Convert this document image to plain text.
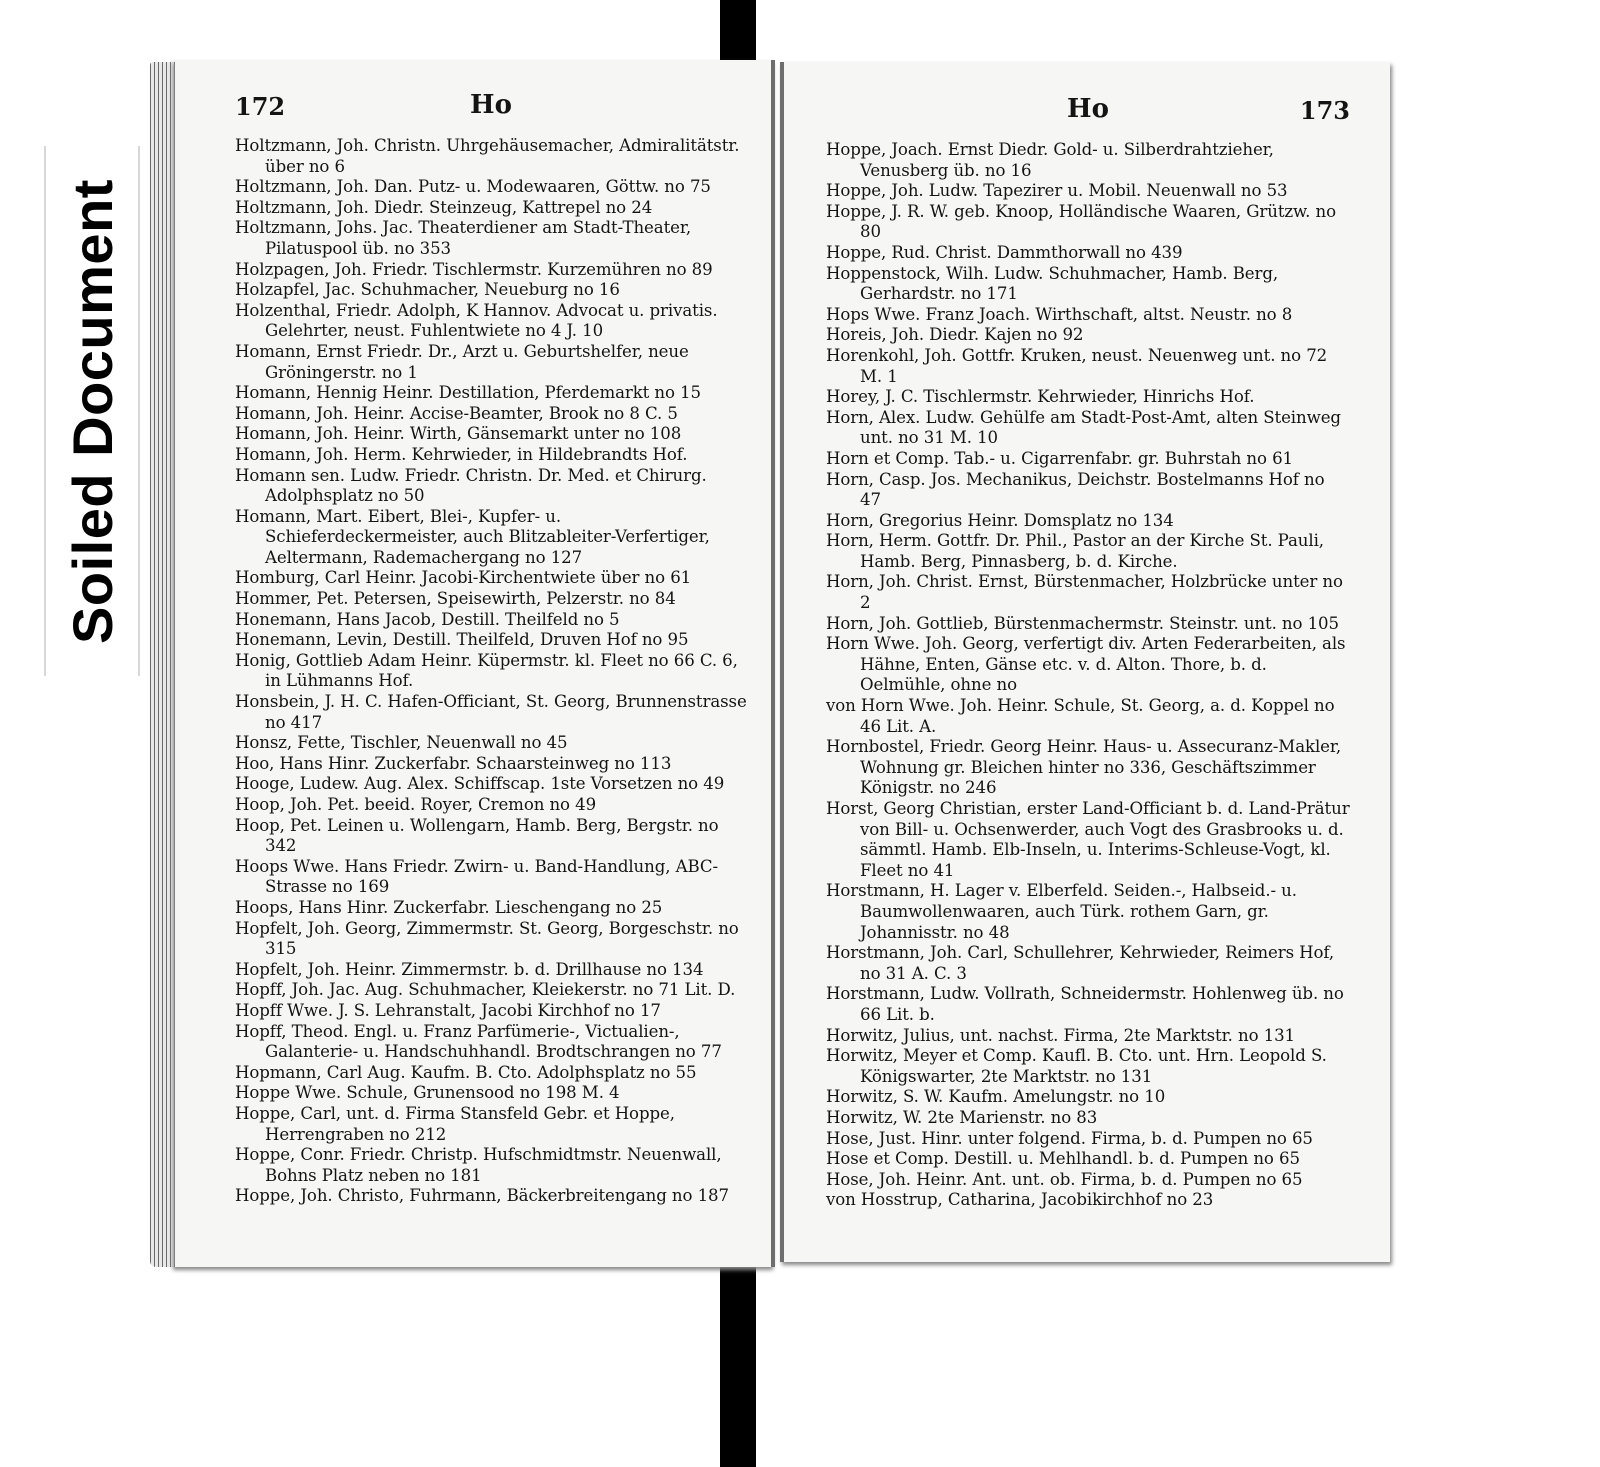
Soiled Document
172	Ho

Holtzmann, Joh. Christn. Uhrgehäusemacher, Admiralitätstr. über no 6

Holtzmann, Joh. Dan. Putz- u. Modewaaren, Göttw. no 75

Holtzmann, Joh. Diedr. Steinzeug, Kattrepel no 24

Holtzmann, Johs. Jac. Theaterdiener am Stadt-Theater, Pilatuspool üb. no 353

Holzpagen, Joh. Friedr. Tischlermstr. Kurzemühren no 89

Holzapfel, Jac. Schuhmacher, Neueburg no 16

Holzenthal, Friedr. Adolph, K Hannov. Advocat u. privatis. Gelehrter, neust. Fuhlentwiete no 4 J. 10

Homann, Ernst Friedr. Dr., Arzt u. Geburtshelfer, neue Gröningerstr. no 1

Homann, Hennig Heinr. Destillation, Pferdemarkt no 15

Homann, Joh. Heinr. Accise-Beamter, Brook no 8 C. 5

Homann, Joh. Heinr. Wirth, Gänsemarkt unter no 108

Homann, Joh. Herm. Kehrwieder, in Hildebrandts Hof.

Homann sen. Ludw. Friedr. Christn. Dr. Med. et Chirurg. Adolphsplatz no 50

Homann, Mart. Eibert, Blei-, Kupfer- u. Schieferdeckermeister, auch Blitzableiter-Verfertiger, Aeltermann, Rademachergang no 127

Homburg, Carl Heinr. Jacobi-Kirchentwiete über no 61

Hommer, Pet. Petersen, Speisewirth, Pelzerstr. no 84

Honemann, Hans Jacob, Destill. Theilfeld no 5

Honemann, Levin, Destill. Theilfeld, Druven Hof no 95

Honig, Gottlieb Adam Heinr. Küpermstr. kl. Fleet no 66 C. 6, in Lühmanns Hof.

Honsbein, J. H. C. Hafen-Officiant, St. Georg, Brunnenstrasse no 417

Honsz, Fette, Tischler, Neuenwall no 45

Hoo, Hans Hinr. Zuckerfabr. Schaarsteinweg no 113

Hooge, Ludew. Aug. Alex. Schiffscap. 1ste Vorsetzen no 49

Hoop, Joh. Pet. beeid. Royer, Cremon no 49

Hoop, Pet. Leinen u. Wollengarn, Hamb. Berg, Bergstr. no 342

Hoops Wwe. Hans Friedr. Zwirn- u. Band-Handlung, ABC-Strasse no 169

Hoops, Hans Hinr. Zuckerfabr. Lieschengang no 25

Hopfelt, Joh. Georg, Zimmermstr. St. Georg, Borgeschstr. no 315

Hopfelt, Joh. Heinr. Zimmermstr. b. d. Drillhause no 134

Hopff, Joh. Jac. Aug. Schuhmacher, Kleiekerstr. no 71 Lit. D.

Hopff Wwe. J. S. Lehranstalt, Jacobi Kirchhof no 17

Hopff, Theod. Engl. u. Franz Parfümerie-, Victualien-, Galanterie- u. Handschuhhandl. Brodtschrangen no 77

Hopmann, Carl Aug. Kaufm. B. Cto. Adolphsplatz no 55

Hoppe Wwe. Schule, Grunensood no 198 M. 4

Hoppe, Carl, unt. d. Firma Stansfeld Gebr. et Hoppe, Herrengraben no 212

Hoppe, Conr. Friedr. Christp. Hufschmidtmstr. Neuenwall, Bohns Platz neben no 181

Hoppe, Joh. Christo, Fuhrmann, Bäckerbreitengang no 187

Ho	173

Hoppe, Joach. Ernst Diedr. Gold- u. Silberdrahtzieher, Venusberg üb. no 16

Hoppe, Joh. Ludw. Tapezirer u. Mobil. Neuenwall no 53

Hoppe, J. R. W. geb. Knoop, Holländische Waaren, Grützw. no 80

Hoppe, Rud. Christ. Dammthorwall no 439

Hoppenstock, Wilh. Ludw. Schuhmacher, Hamb. Berg, Gerhardstr. no 171

Hops Wwe. Franz Joach. Wirthschaft, altst. Neustr. no 8

Horeis, Joh. Diedr. Kajen no 92

Horenkohl, Joh. Gottfr. Kruken, neust. Neuenweg unt. no 72 M. 1

Horey, J. C. Tischlermstr. Kehrwieder, Hinrichs Hof.

Horn, Alex. Ludw. Gehülfe am Stadt-Post-Amt, alten Steinweg unt. no 31 M. 10

Horn et Comp. Tab.- u. Cigarrenfabr. gr. Buhrstah no 61

Horn, Casp. Jos. Mechanikus, Deichstr. Bostelmanns Hof no 47

Horn, Gregorius Heinr. Domsplatz no 134

Horn, Herm. Gottfr. Dr. Phil., Pastor an der Kirche St. Pauli, Hamb. Berg, Pinnasberg, b. d. Kirche.

Horn, Joh. Christ. Ernst, Bürstenmacher, Holzbrücke unter no 2

Horn, Joh. Gottlieb, Bürstenmachermstr. Steinstr. unt. no 105

Horn Wwe. Joh. Georg, verfertigt div. Arten Federarbeiten, als Hähne, Enten, Gänse etc. v. d. Alton. Thore, b. d. Oelmühle, ohne no

von Horn Wwe. Joh. Heinr. Schule, St. Georg, a. d. Koppel no 46 Lit. A.

Hornbostel, Friedr. Georg Heinr. Haus- u. Assecuranz-Makler, Wohnung gr. Bleichen hinter no 336, Geschäftszimmer Königstr. no 246

Horst, Georg Christian, erster Land-Officiant b. d. Land-Prätur von Bill- u. Ochsenwerder, auch Vogt des Grasbrooks u. d. sämmtl. Hamb. Elb-Inseln, u. Interims-Schleuse-Vogt, kl. Fleet no 41

Horstmann, H. Lager v. Elberfeld. Seiden.-, Halbseid.- u. Baumwollenwaaren, auch Türk. rothem Garn, gr. Johannisstr. no 48

Horstmann, Joh. Carl, Schullehrer, Kehrwieder, Reimers Hof, no 31 A. C. 3

Horstmann, Ludw. Vollrath, Schneidermstr. Hohlenweg üb. no 66 Lit. b.

Horwitz, Julius, unt. nachst. Firma, 2te Marktstr. no 131

Horwitz, Meyer et Comp. Kaufl. B. Cto. unt. Hrn. Leopold S. Königswarter, 2te Marktstr. no 131

Horwitz, S. W. Kaufm. Amelungstr. no 10

Horwitz, W. 2te Marienstr. no 83

Hose, Just. Hinr. unter folgend. Firma, b. d. Pumpen no 65

Hose et Comp. Destill. u. Mehlhandl. b. d. Pumpen no 65

Hose, Joh. Heinr. Ant. unt. ob. Firma, b. d. Pumpen no 65

von Hosstrup, Catharina, Jacobikirchhof no 23
